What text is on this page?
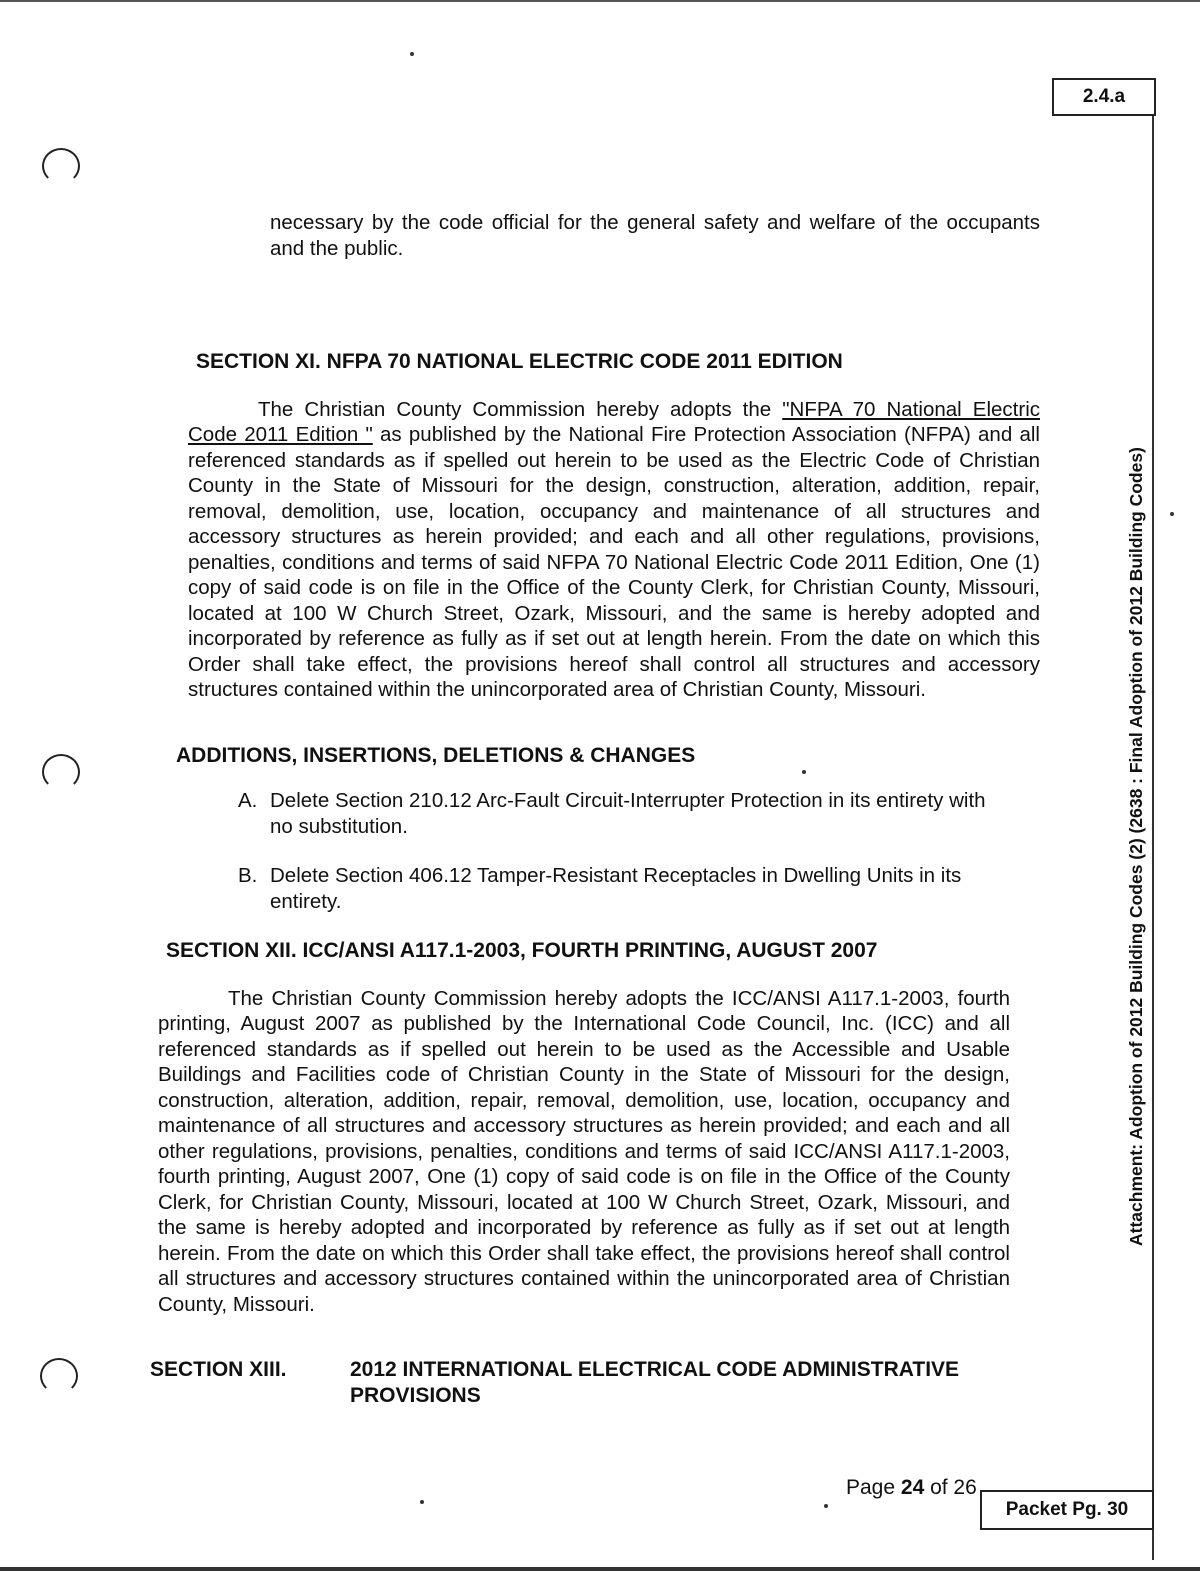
2.4.a
Attachment: Adoption of 2012 Building Codes (2) (2638 : Final Adoption of 2012 Building Codes)

necessary by the code official for the general safety and welfare of the occupants and the public.

SECTION XI. NFPA 70 NATIONAL ELECTRIC CODE 2011 EDITION

The Christian County Commission hereby adopts the "NFPA 70 National Electric Code 2011 Edition " as published by the National Fire Protection Association (NFPA) and all referenced standards as if spelled out herein to be used as the Electric Code of Christian County in the State of Missouri for the design, construction, alteration, addition, repair, removal, demolition, use, location, occupancy and maintenance of all structures and accessory structures as herein provided; and each and all other regulations, provisions, penalties, conditions and terms of said NFPA 70 National Electric Code 2011 Edition, One (1) copy of said code is on file in the Office of the County Clerk, for Christian County, Missouri, located at 100 W Church Street, Ozark, Missouri, and the same is hereby adopted and incorporated by reference as fully as if set out at length herein. From the date on which this Order shall take effect, the provisions hereof shall control all structures and accessory structures contained within the unincorporated area of Christian County, Missouri.

ADDITIONS, INSERTIONS, DELETIONS & CHANGES

A. Delete Section 210.12 Arc-Fault Circuit-Interrupter Protection in its entirety with no substitution.
B. Delete Section 406.12 Tamper-Resistant Receptacles in Dwelling Units in its entirety.

SECTION XII. ICC/ANSI A117.1-2003, FOURTH PRINTING, AUGUST 2007

The Christian County Commission hereby adopts the ICC/ANSI A117.1-2003, fourth printing, August 2007 as published by the International Code Council, Inc. (ICC) and all referenced standards as if spelled out herein to be used as the Accessible and Usable Buildings and Facilities code of Christian County in the State of Missouri for the design, construction, alteration, addition, repair, removal, demolition, use, location, occupancy and maintenance of all structures and accessory structures as herein provided; and each and all other regulations, provisions, penalties, conditions and terms of said ICC/ANSI A117.1-2003, fourth printing, August 2007, One (1) copy of said code is on file in the Office of the County Clerk, for Christian County, Missouri, located at 100 W Church Street, Ozark, Missouri, and the same is hereby adopted and incorporated by reference as fully as if set out at length herein. From the date on which this Order shall take effect, the provisions hereof shall control all structures and accessory structures contained within the unincorporated area of Christian County, Missouri.

SECTION XIII.	2012 INTERNATIONAL ELECTRICAL CODE ADMINISTRATIVE PROVISIONS
Page 24 of 26
Packet Pg. 30
